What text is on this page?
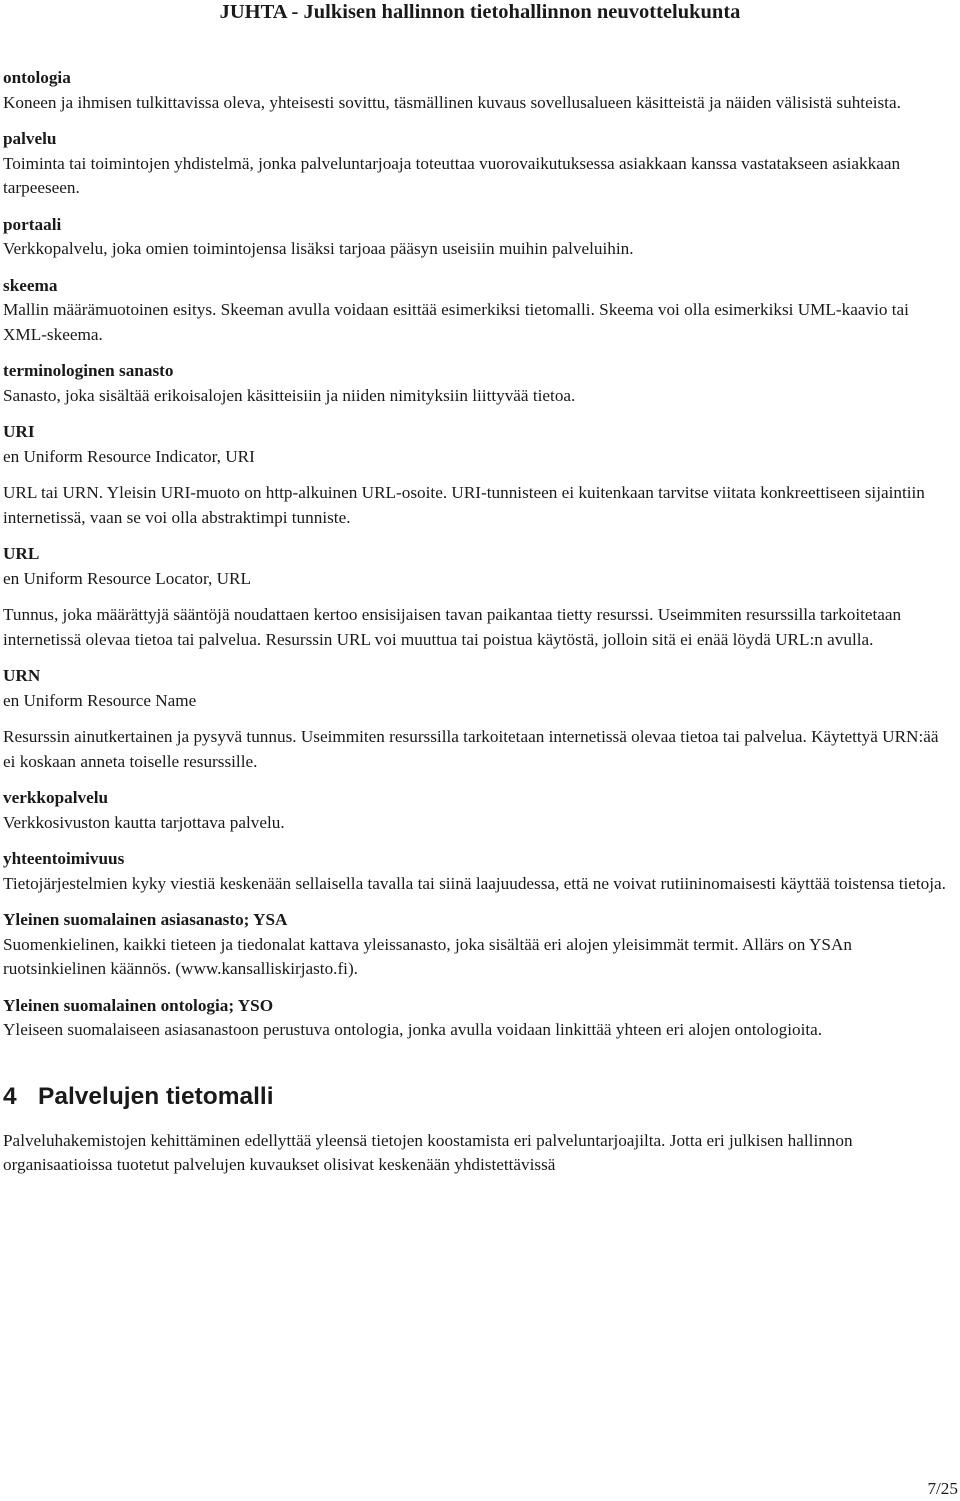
JUHTA - Julkisen hallinnon tietohallinnon neuvottelukunta
ontologia
Koneen ja ihmisen tulkittavissa oleva, yhteisesti sovittu, täsmällinen kuvaus sovellusalueen käsitteistä ja näiden välisistä suhteista.
palvelu
Toiminta tai toimintojen yhdistelmä, jonka palveluntarjoaja toteuttaa vuorovaikutuksessa asiakkaan kanssa vastatakseen asiakkaan tarpeeseen.
portaali
Verkkopalvelu, joka omien toimintojensa lisäksi tarjoaa pääsyn useisiin muihin palveluihin.
skeema
Mallin määrämuotoinen esitys. Skeeman avulla voidaan esittää esimerkiksi tietomalli. Skeema voi olla esimerkiksi UML-kaavio tai XML-skeema.
terminologinen sanasto
Sanasto, joka sisältää erikoisalojen käsitteisiin ja niiden nimityksiin liittyvää tietoa.
URI
en Uniform Resource Indicator, URI
URL tai URN. Yleisin URI-muoto on http-alkuinen URL-osoite. URI-tunnisteen ei kuitenkaan tarvitse viitata konkreettiseen sijaintiin internetissä, vaan se voi olla abstraktimpi tunniste.
URL
en Uniform Resource Locator, URL
Tunnus, joka määrättyjä sääntöjä noudattaen kertoo ensisijaisen tavan paikantaa tietty resurssi. Useimmiten resurssilla tarkoitetaan internetissä olevaa tietoa tai palvelua. Resurssin URL voi muuttua tai poistua käytöstä, jolloin sitä ei enää löydä URL:n avulla.
URN
en Uniform Resource Name
Resurssin ainutkertainen ja pysyvä tunnus. Useimmiten resurssilla tarkoitetaan internetissä olevaa tietoa tai palvelua. Käytettyä URN:ää ei koskaan anneta toiselle resurssille.
verkkopalvelu
Verkkosivuston kautta tarjottava palvelu.
yhteentoimivuus
Tietojärjestelmien kyky viestiä keskenään sellaisella tavalla tai siinä laajuudessa, että ne voivat rutiininomaisesti käyttää toistensa tietoja.
Yleinen suomalainen asiasanasto; YSA
Suomenkielinen, kaikki tieteen ja tiedonalat kattava yleissanasto, joka sisältää eri alojen yleisimmät termit. Allärs on YSAn ruotsinkielinen käännös. (www.kansalliskirjasto.fi).
Yleinen suomalainen ontologia; YSO
Yleiseen suomalaiseen asiasanastoon perustuva ontologia, jonka avulla voidaan linkittää yhteen eri alojen ontologioita.
4 Palvelujen tietomalli
Palveluhakemistojen kehittäminen edellyttää yleensä tietojen koostamista eri palveluntarjoajilta. Jotta eri julkisen hallinnon organisaatioissa tuotetut palvelujen kuvaukset olisivat keskenään yhdistettävissä
7/25
